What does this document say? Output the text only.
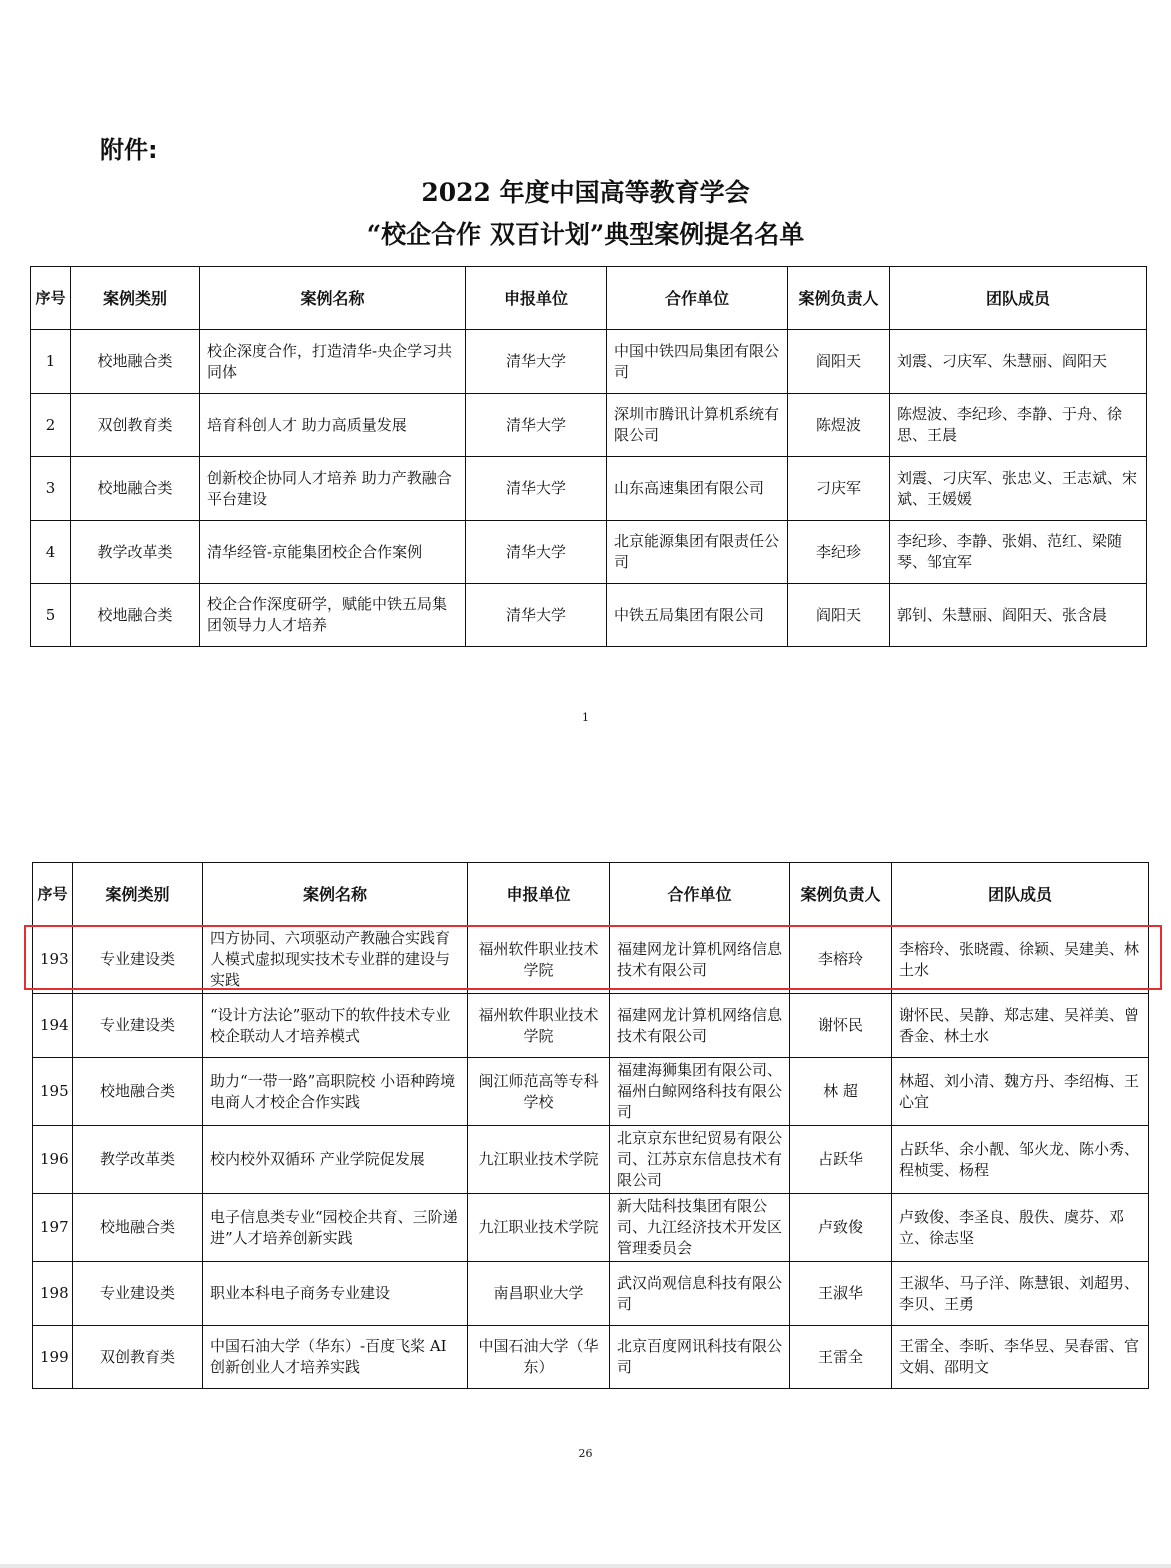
附件:
2022 年度中国高等教育学会
“校企合作 双百计划”典型案例提名名单
序号	案例类别	案例名称	申报单位	合作单位	案例负责人	团队成员
1	校地融合类	校企深度合作，打造清华-央企学习共同体	清华大学	中国中铁四局集团有限公司	阎阳天	刘震、刁庆军、朱慧丽、阎阳天
2	双创教育类	培育科创人才 助力高质量发展	清华大学	深圳市腾讯计算机系统有限公司	陈煜波	陈煜波、李纪珍、李静、于舟、徐思、王晨
3	校地融合类	创新校企协同人才培养 助力产教融合平台建设	清华大学	山东高速集团有限公司	刁庆军	刘震、刁庆军、张忠义、王志斌、宋斌、王媛媛
4	教学改革类	清华经管-京能集团校企合作案例	清华大学	北京能源集团有限责任公司	李纪珍	李纪珍、李静、张娟、范红、梁随琴、邹宜军
5	校地融合类	校企合作深度研学，赋能中铁五局集团领导力人才培养	清华大学	中铁五局集团有限公司	阎阳天	郭钊、朱慧丽、阎阳天、张含晨
1
序号	案例类别	案例名称	申报单位	合作单位	案例负责人	团队成员
193	专业建设类	四方协同、六项驱动产教融合实践育人模式虚拟现实技术专业群的建设与实践	福州软件职业技术学院	福建网龙计算机网络信息技术有限公司	李榕玲	李榕玲、张晓霞、徐颖、吴建美、林土水
194	专业建设类	“设计方法论”驱动下的软件技术专业校企联动人才培养模式	福州软件职业技术学院	福建网龙计算机网络信息技术有限公司	谢怀民	谢怀民、吴静、郑志建、吴祥美、曾香金、林土水
195	校地融合类	助力“一带一路”高职院校 小语种跨境电商人才校企合作实践	闽江师范高等专科学校	福建海狮集团有限公司、福州白鲸网络科技有限公司	林 超	林超、刘小清、魏方丹、李绍梅、王心宜
196	教学改革类	校内校外双循环 产业学院促发展	九江职业技术学院	北京京东世纪贸易有限公司、江苏京东信息技术有限公司	占跃华	占跃华、余小靓、邹火龙、陈小秀、程桢雯、杨程
197	校地融合类	电子信息类专业“园校企共育、三阶递进”人才培养创新实践	九江职业技术学院	新大陆科技集团有限公司、九江经济技术开发区管理委员会	卢致俊	卢致俊、李圣良、殷佚、虞芬、邓立、徐志坚
198	专业建设类	职业本科电子商务专业建设	南昌职业大学	武汉尚观信息科技有限公司	王淑华	王淑华、马子洋、陈慧银、刘超男、李贝、王勇
199	双创教育类	中国石油大学（华东）-百度飞桨 AI 创新创业人才培养实践	中国石油大学（华东）	北京百度网讯科技有限公司	王雷全	王雷全、李昕、李华昱、吴春雷、官文娟、邵明文
26
